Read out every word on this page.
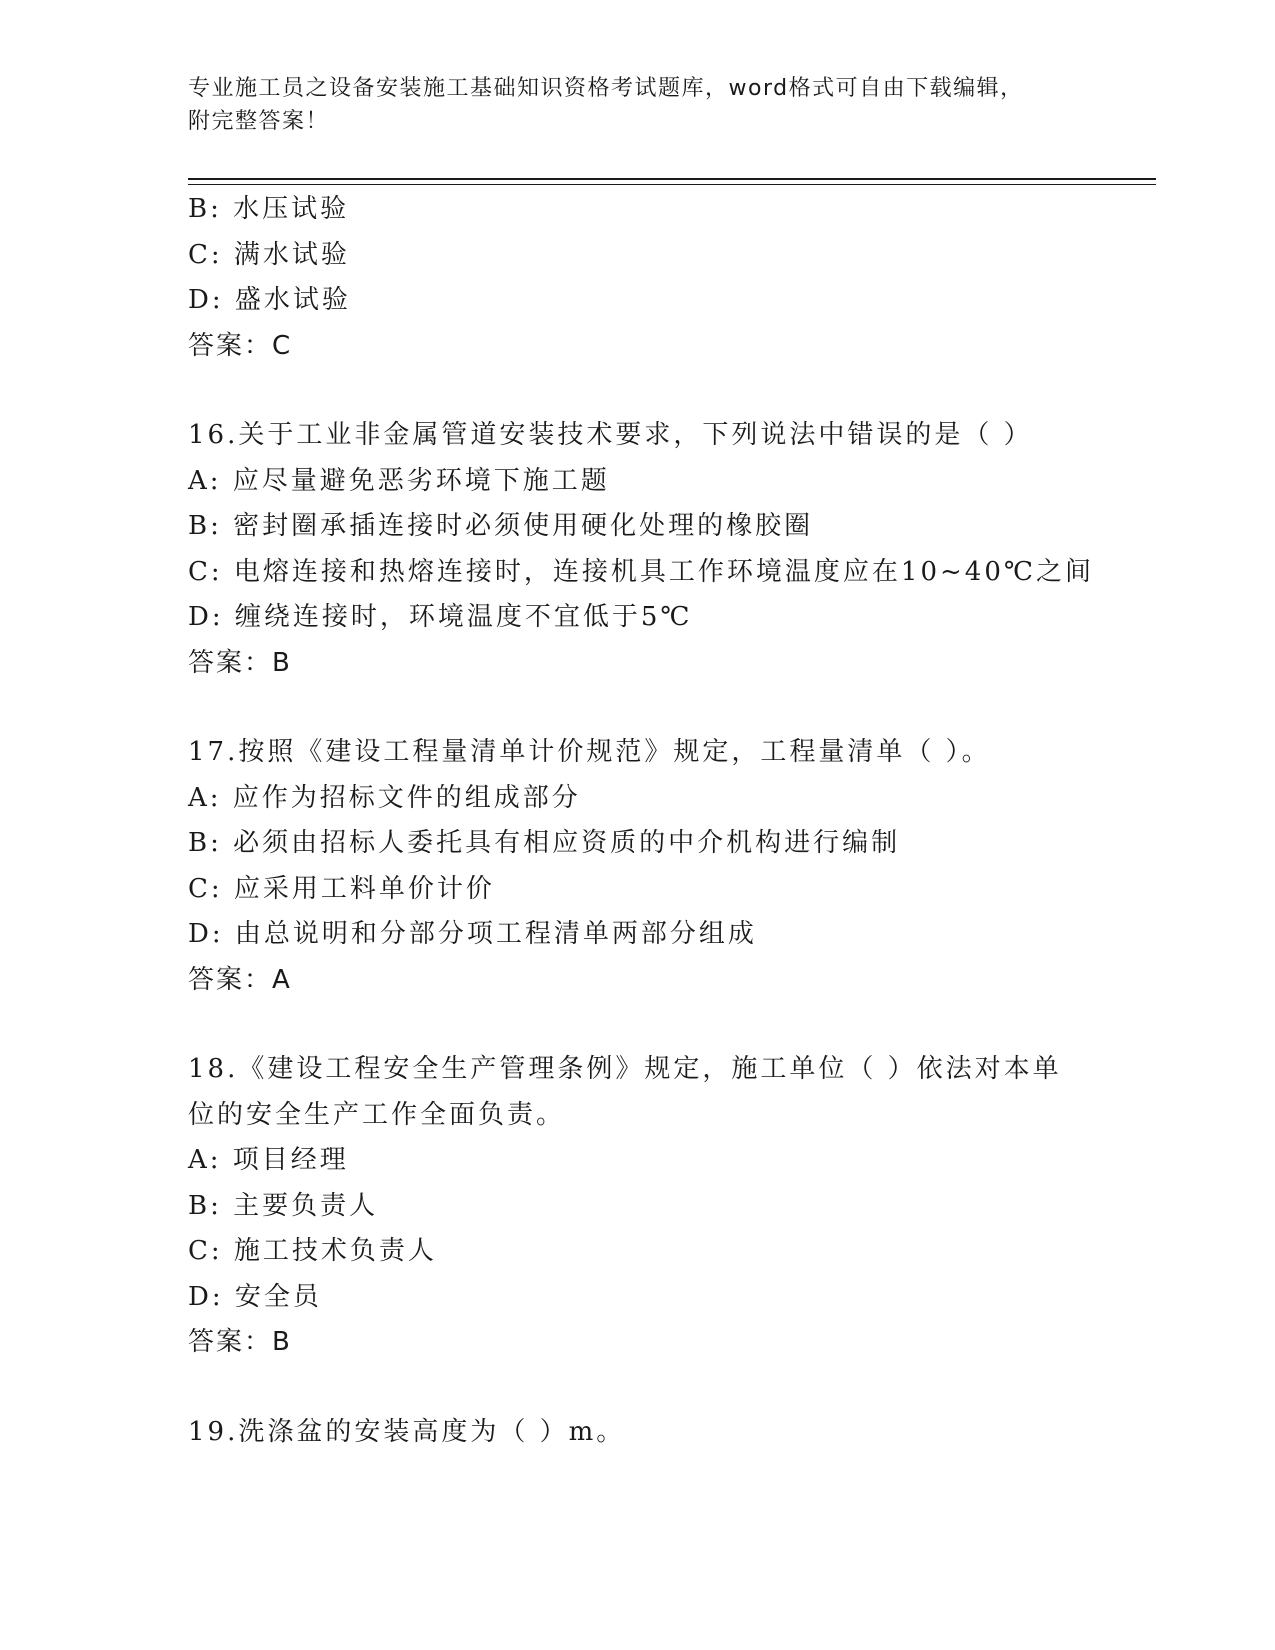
专业施工员之设备安装施工基础知识资格考试题库，word格式可自由下载编辑，
附完整答案！
B: 水压试验
C: 满水试验
D: 盛水试验
答案：C
16.关于工业非金属管道安装技术要求，下列说法中错误的是（ ）
A: 应尽量避免恶劣环境下施工题
B: 密封圈承插连接时必须使用硬化处理的橡胶圈
C: 电熔连接和热熔连接时，连接机具工作环境温度应在10~40℃之间
D: 缠绕连接时，环境温度不宜低于5℃
答案：B
17.按照《建设工程量清单计价规范》规定，工程量清单（ ）。
A: 应作为招标文件的组成部分
B: 必须由招标人委托具有相应资质的中介机构进行编制
C: 应采用工料单价计价
D: 由总说明和分部分项工程清单两部分组成
答案：A
18.《建设工程安全生产管理条例》规定，施工单位（ ）依法对本单
位的安全生产工作全面负责。
A: 项目经理
B: 主要负责人
C: 施工技术负责人
D: 安全员
答案：B
19.洗涤盆的安装高度为（ ）m。
